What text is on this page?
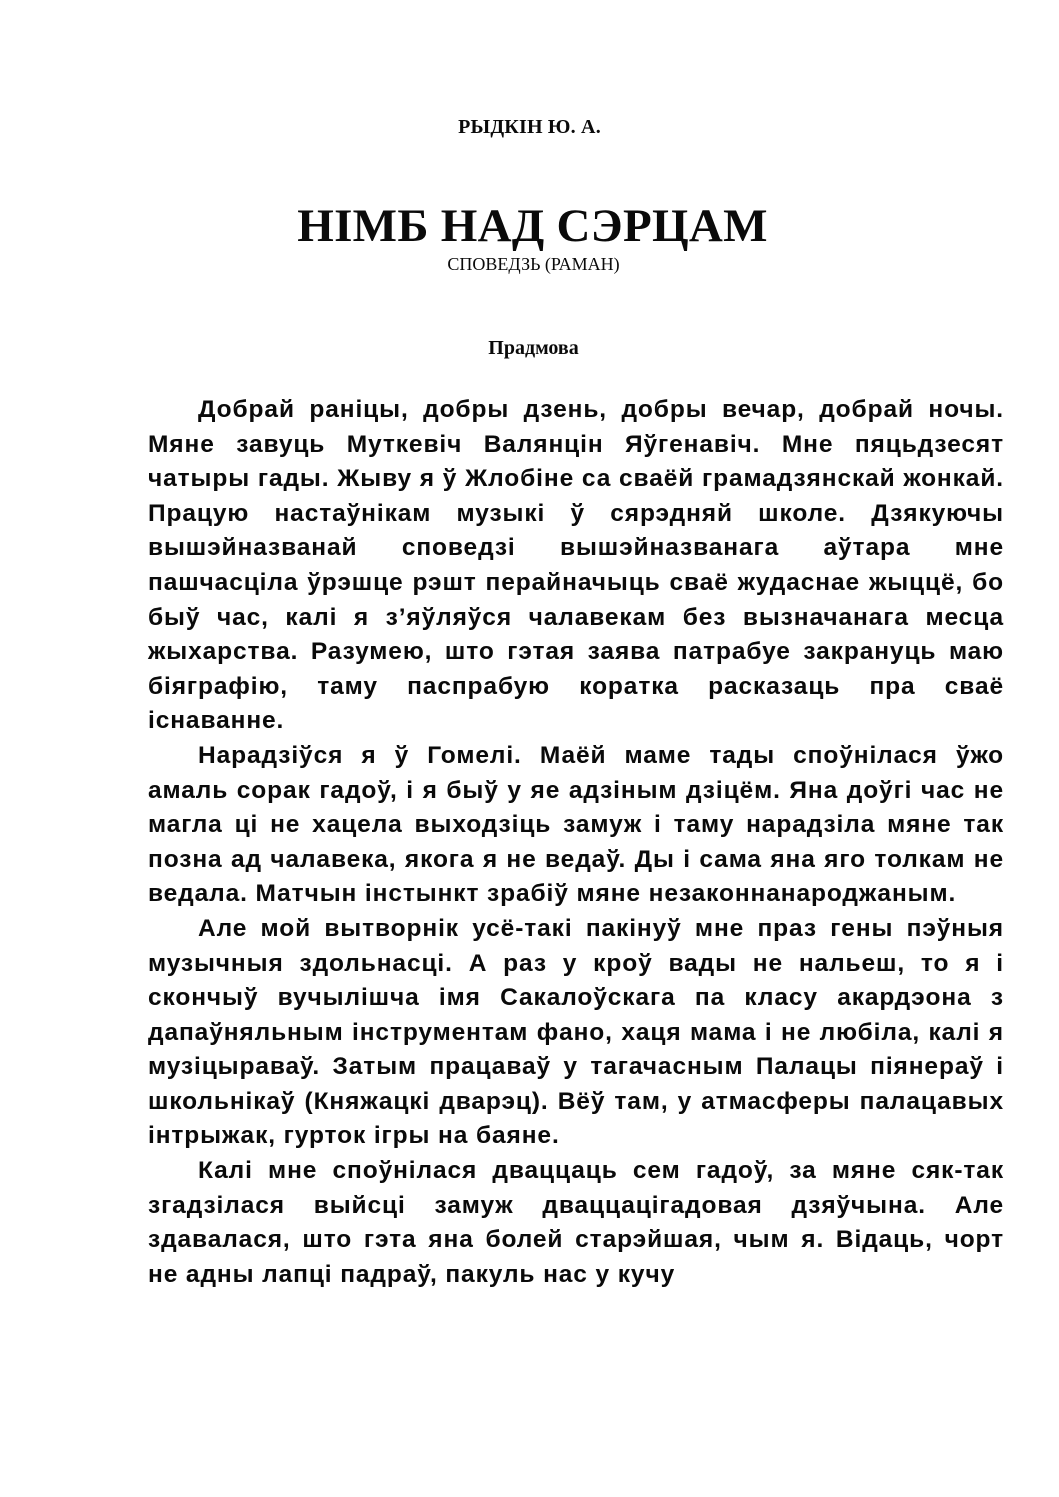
РЫДКІН Ю. А.
НІМБ НАД СЭРЦАМ
СПОВЕДЗЬ (РАМАН)
Прадмова

Добрай раніцы, добры дзень, добры вечар, добрай ночы. Мяне завуць Муткевіч Валянцін Яўгенавіч. Мне пяцьдзесят чатыры гады. Жыву я ў Жлобіне са сваёй грамадзянскай жонкай. Працую настаўнікам музыкі ў сярэдняй школе. Дзякуючы вышэйназванай споведзі вышэйназванага аўтара мне пашчасціла ўрэшце рэшт перайначыць сваё жудаснае жыццё, бо быў час, калі я з’яўляўся чалавекам без вызначанага месца жыхарства. Разумею, што гэтая заява патрабуе закрануць маю біяграфію, таму паспрабую коратка расказаць пра сваё існаванне.

Нарадзіўся я ў Гомелі. Маёй маме тады споўнілася ўжо амаль сорак гадоў, і я быў у яе адзіным дзіцём. Яна доўгі час не магла ці не хацела выходзіць замуж і таму нарадзіла мяне так позна ад чалавека, якога я не ведаў. Ды і сама яна яго толкам не ведала. Матчын інстынкт зрабіў мяне незаконнанароджаным.

Але мой вытворнік усё-такі пакінуў мне праз гены пэўныя музычныя здольнасці. А раз у кроў вады не нальеш, то я і скончыў вучылішча імя Сакалоўскага па класу акардэона з дапаўняльным інструментам фано, хаця мама і не любіла, калі я музіцыраваў. Затым працаваў у тагачасным Палацы піянераў і школьнікаў (Княжацкі дварэц). Вёў там, у атмасферы палацавых інтрыжак, гурток ігры на баяне.

Калі мне споўнілася дваццаць сем гадоў, за мяне сяк-так згадзілася выйсці замуж дваццацігадовая дзяўчына. Але здавалася, што гэта яна болей старэйшая, чым я. Відаць, чорт не адны лапці падраў, пакуль нас у кучу
